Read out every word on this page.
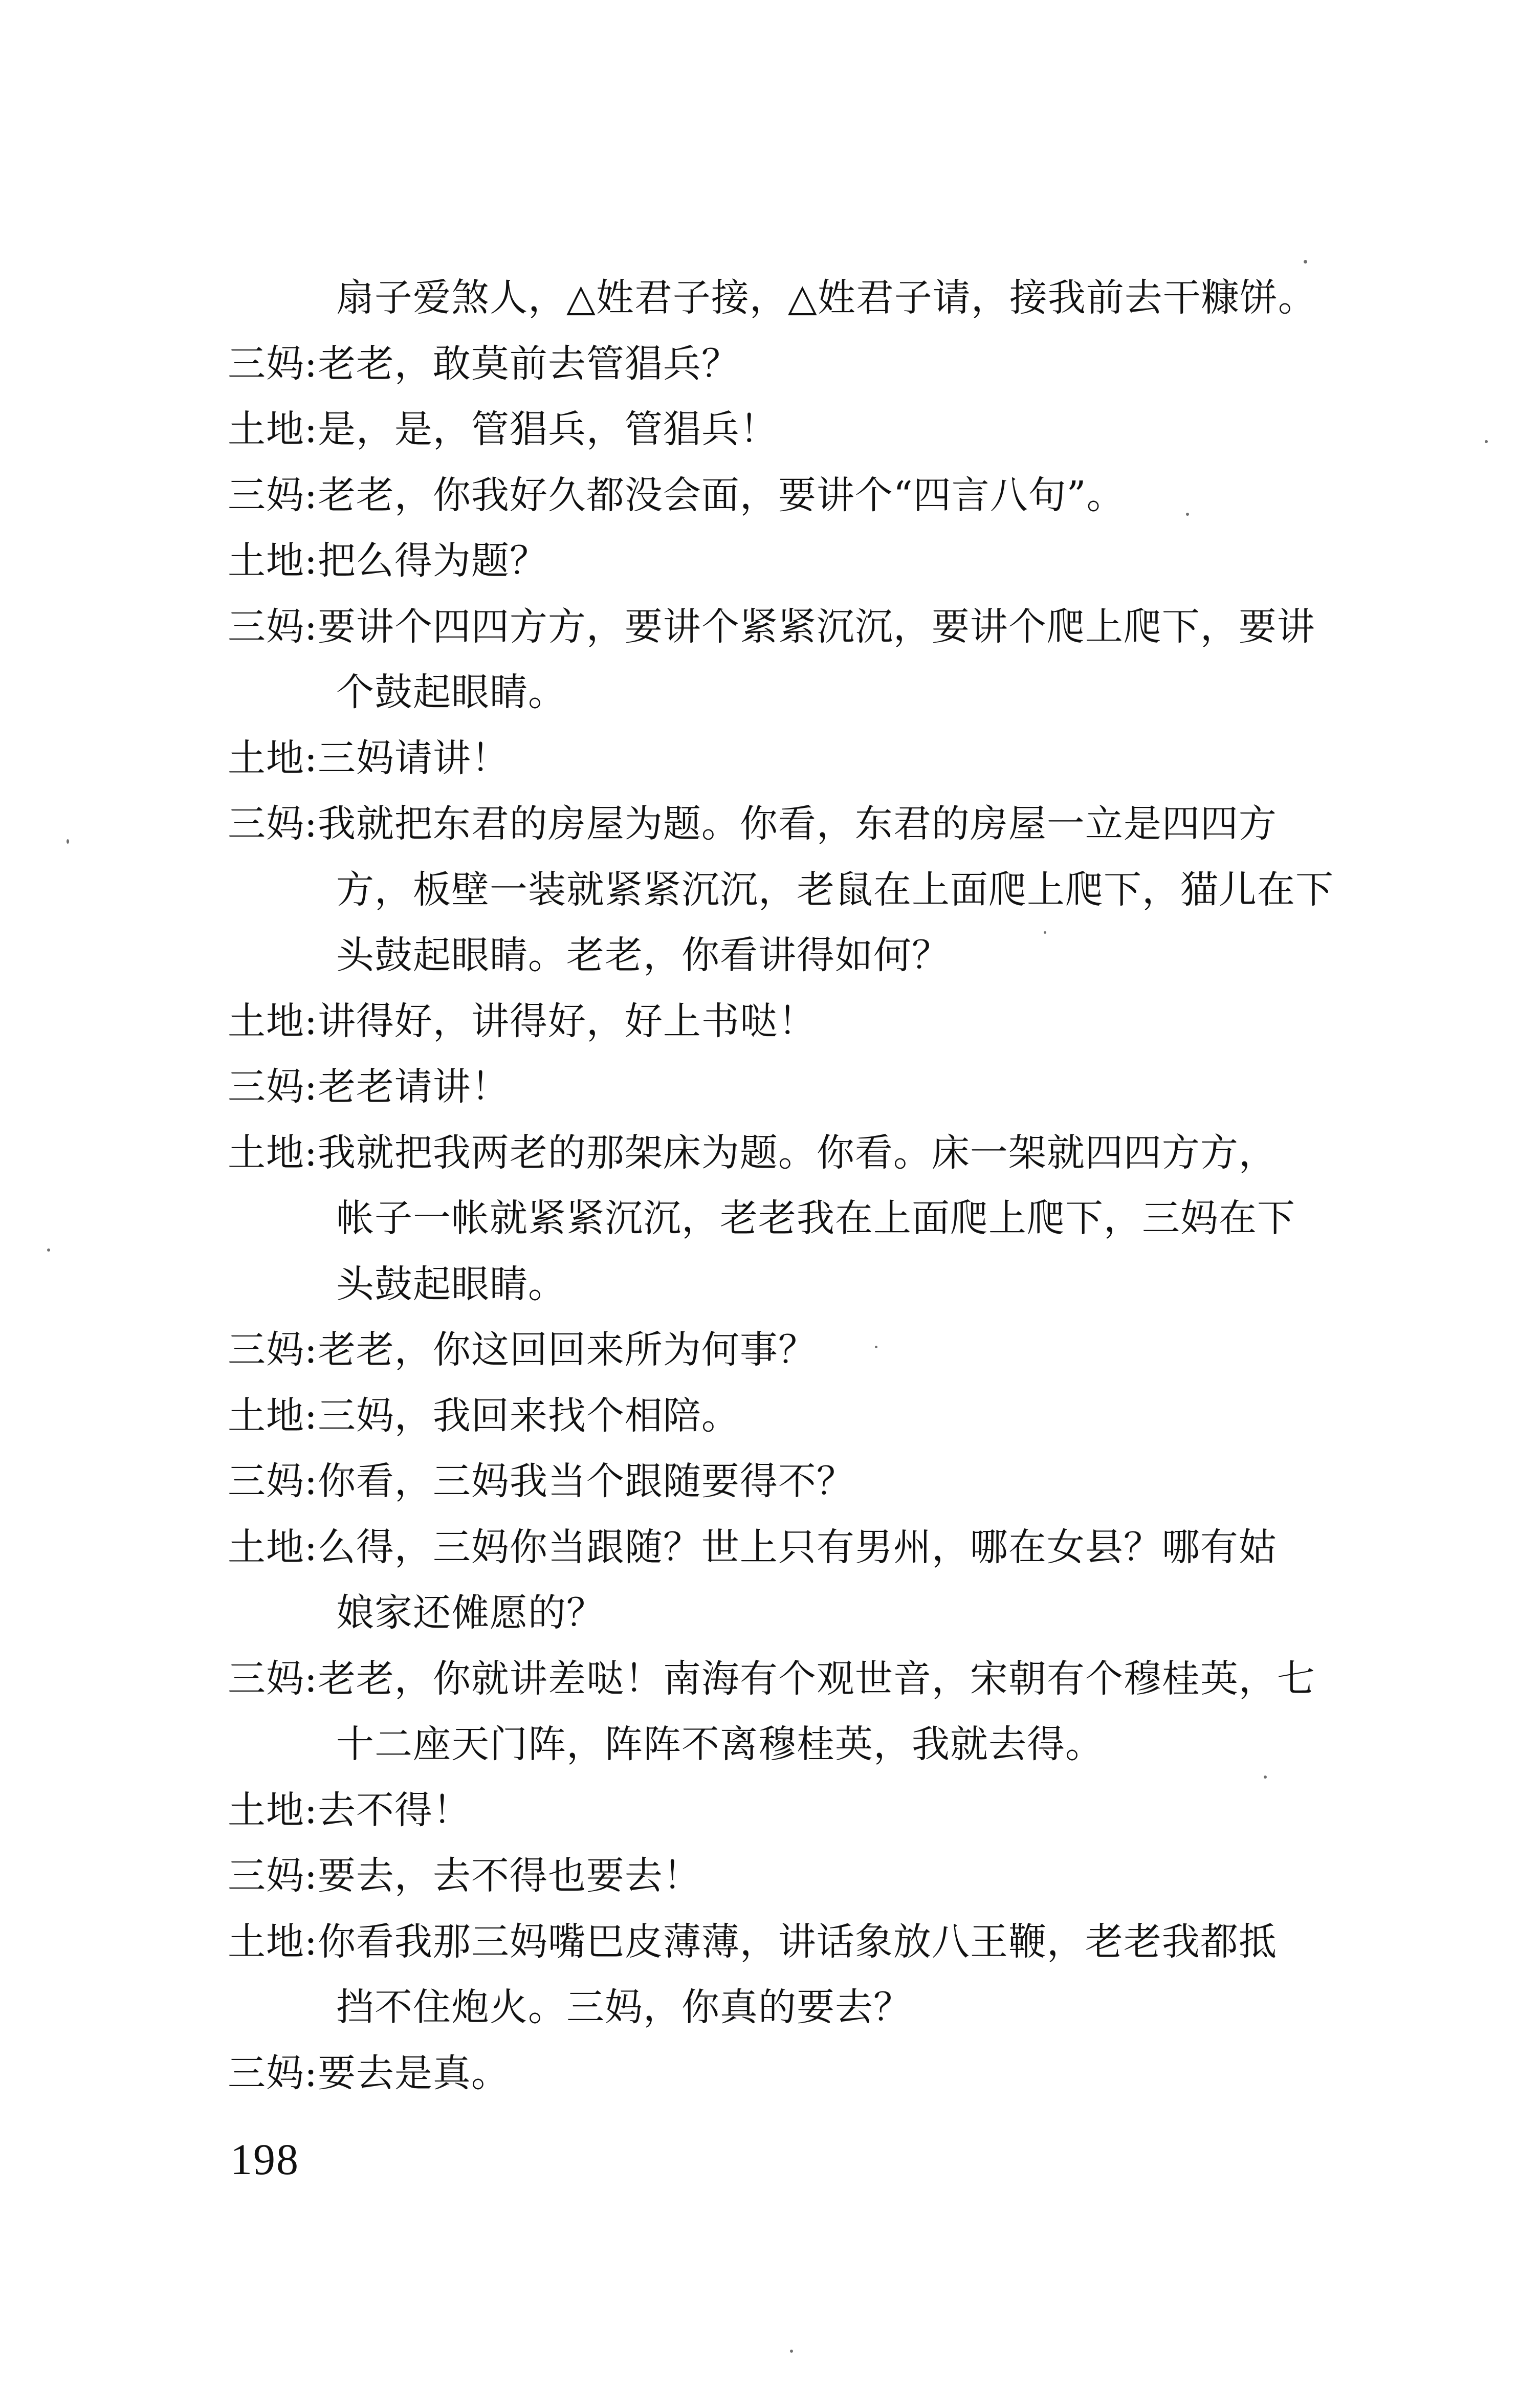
扇子爱煞人，△姓君子接，△姓君子请，接我前去干糠饼。
三妈:老老，敢莫前去管猖兵？
土地:是，是，管猖兵，管猖兵！
三妈:老老，你我好久都没会面，要讲个“四言八句”。
土地:把么得为题？
三妈:要讲个四四方方，要讲个紧紧沉沉，要讲个爬上爬下，要讲
个鼓起眼睛。
土地:三妈请讲！
三妈:我就把东君的房屋为题。你看，东君的房屋一立是四四方
方，板壁一装就紧紧沉沉，老鼠在上面爬上爬下，猫儿在下
头鼓起眼睛。老老，你看讲得如何？
土地:讲得好，讲得好，好上书哒！
三妈:老老请讲！
土地:我就把我两老的那架床为题。你看。床一架就四四方方，
帐子一帐就紧紧沉沉，老老我在上面爬上爬下，三妈在下
头鼓起眼睛。
三妈:老老，你这回回来所为何事？
土地:三妈，我回来找个相陪。
三妈:你看，三妈我当个跟随要得不？
土地:么得，三妈你当跟随？世上只有男州，哪在女县？哪有姑
娘家还傩愿的？
三妈:老老，你就讲差哒！南海有个观世音，宋朝有个穆桂英，七
十二座天门阵，阵阵不离穆桂英，我就去得。
土地:去不得！
三妈:要去，去不得也要去！
土地:你看我那三妈嘴巴皮薄薄，讲话象放八王鞭，老老我都抵
挡不住炮火。三妈，你真的要去？
三妈:要去是真。
198
